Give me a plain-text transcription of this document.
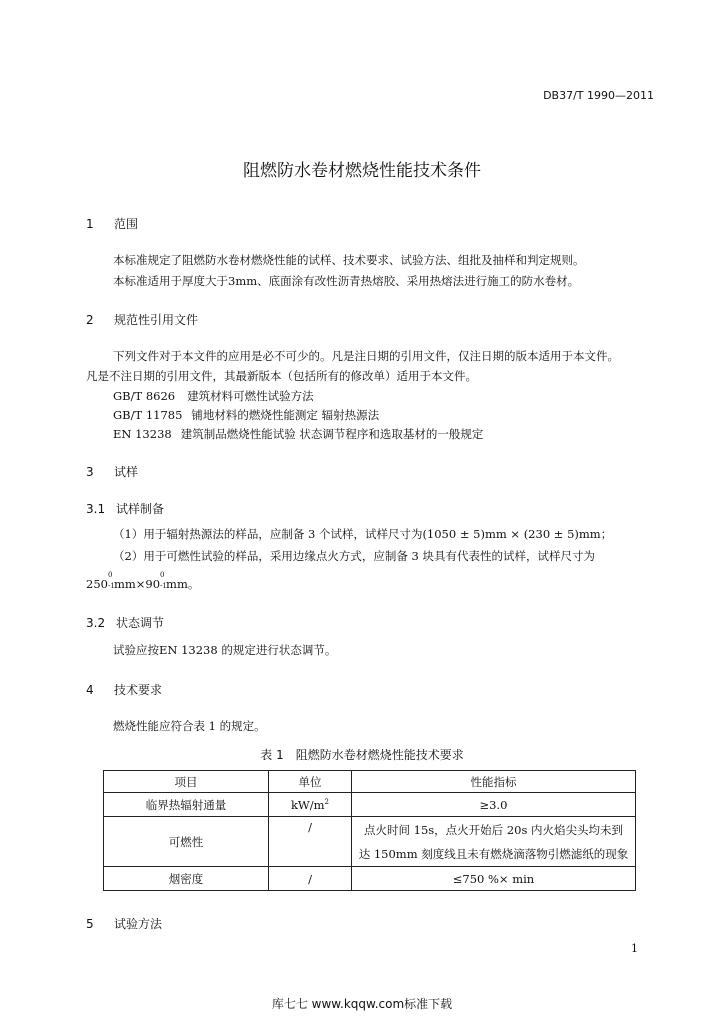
DB37/T 1990—2011
阻燃防水卷材燃烧性能技术条件
1 范围
本标准规定了阻燃防水卷材燃烧性能的试样、技术要求、试验方法、组批及抽样和判定规则。
本标准适用于厚度大于3mm、底面涂有改性沥青热熔胶、采用热熔法进行施工的防水卷材。
2 规范性引用文件
下列文件对于本文件的应用是必不可少的。凡是注日期的引用文件，仅注日期的版本适用于本文件。
凡是不注日期的引用文件，其最新版本（包括所有的修改单）适用于本文件。
GB/T 8626 建筑材料可燃性试验方法
GB/T 11785 铺地材料的燃烧性能测定 辐射热源法
EN 13238 建筑制品燃烧性能试验 状态调节程序和选取基材的一般规定
3 试样
3.1 试样制备
（1）用于辐射热源法的样品，应制备 3 个试样，试样尺寸为(1050 ± 5)mm × (230 ± 5)mm；
（2）用于可燃性试验的样品，采用边缘点火方式，应制备 3 块具有代表性的试样，试样尺寸为
250
0
-1 mm×90
0
-1 mm。
3.2 状态调节
试验应按EN 13238 的规定进行状态调节。
4 技术要求
燃烧性能应符合表 1 的规定。
表 1　阻燃防水卷材燃烧性能技术要求
项目	单位	性能指标
临界热辐射通量	$kW/m^2$	≥3.0
可燃性	/	点火时间 15s，点火开始后 20s 内火焰尖头均未到
达 150mm 刻度线且未有燃烧滴落物引燃滤纸的现象

烟密度	/	≤750 %× min
5 试验方法
1
库七七 www.kqqw.com标准下载
